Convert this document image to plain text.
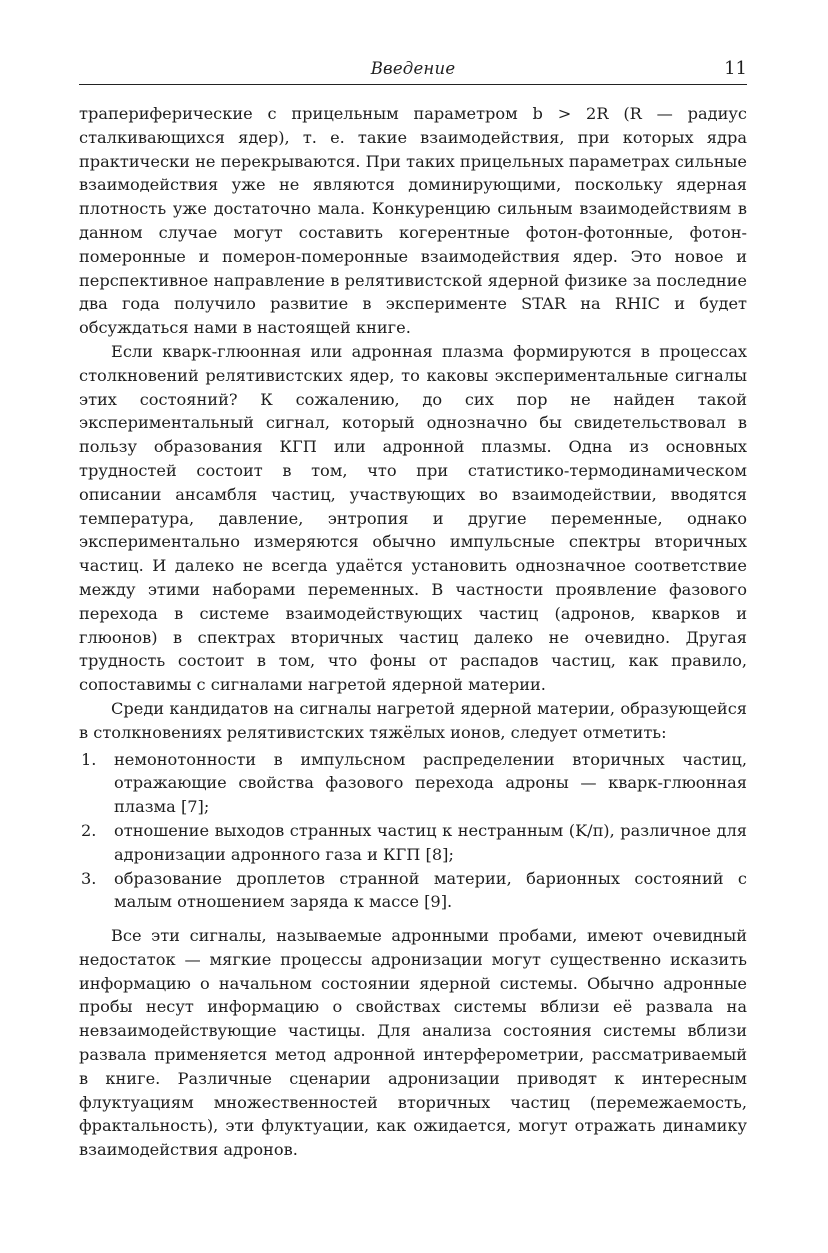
Введение	11

трапериферические с прицельным параметром b > 2R (R — радиус сталкивающихся ядер), т. е. такие взаимодействия, при которых ядра практически не перекрываются. При таких прицельных параметрах сильные взаимодействия уже не являются доминирующими, поскольку ядерная плотность уже достаточно мала. Конкуренцию сильным взаимодействиям в данном случае могут составить когерентные фотон-фотонные, фотон-померонные и померон-померонные взаимодействия ядер. Это новое и перспективное направление в релятивистской ядерной физике за последние два года получило развитие в эксперименте STAR на RHIC и будет обсуждаться нами в настоящей книге.

Если кварк-глюонная или адронная плазма формируются в процессах столкновений релятивистских ядер, то каковы экспериментальные сигналы этих состояний? К сожалению, до сих пор не найден такой экспериментальный сигнал, который однозначно бы свидетельствовал в пользу образования КГП или адронной плазмы. Одна из основных трудностей состоит в том, что при статистико-термодинамическом описании ансамбля частиц, участвующих во взаимодействии, вводятся температура, давление, энтропия и другие переменные, однако экспериментально измеряются обычно импульсные спектры вторичных частиц. И далеко не всегда удаётся установить однозначное соответствие между этими наборами переменных. В частности проявление фазового перехода в системе взаимодействующих частиц (адронов, кварков и глюонов) в спектрах вторичных частиц далеко не очевидно. Другая трудность состоит в том, что фоны от распадов частиц, как правило, сопоставимы с сигналами нагретой ядерной материи.

Среди кандидатов на сигналы нагретой ядерной материи, образующейся в столкновениях релятивистских тяжёлых ионов, следует отметить:

1. немонотонности в импульсном распределении вторичных частиц, отражающие свойства фазового перехода адроны — кварк-глюонная плазма [7];
2. отношение выходов странных частиц к нестранным (K/π), различное для адронизации адронного газа и КГП [8];
3. образование дроплетов странной материи, барионных состояний с малым отношением заряда к массе [9].

Все эти сигналы, называемые адронными пробами, имеют очевидный недостаток — мягкие процессы адронизации могут существенно исказить информацию о начальном состоянии ядерной системы. Обычно адронные пробы несут информацию о свойствах системы вблизи её развала на невзаимодействующие частицы. Для анализа состояния системы вблизи развала применяется метод адронной интерферометрии, рассматриваемый в книге. Различные сценарии адронизации приводят к интересным флуктуациям множественностей вторичных частиц (перемежаемость, фрактальность), эти флуктуации, как ожидается, могут отражать динамику взаимодействия адронов.
